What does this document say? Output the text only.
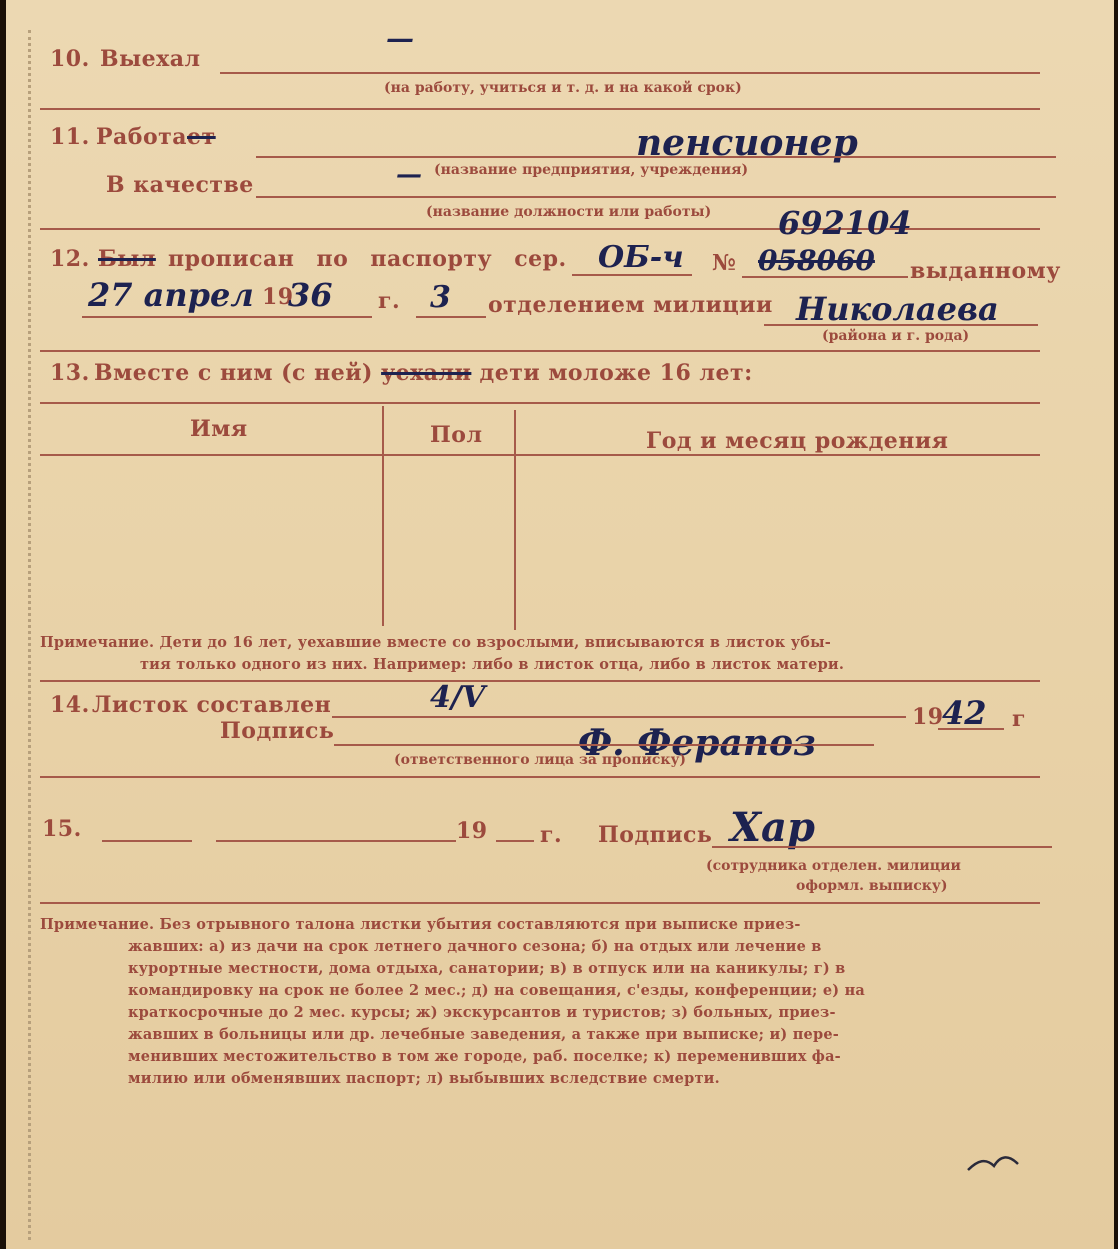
10. Выехал
—
(на работу, учиться и т. д. и на какой срок)
11. Работает	пенсионер
(название предприятия, учреждения)
В качестве	—
(название должности или работы)
12. Был прописан по паспорту сер. ОБ-ч №
692104
058060 выданному
27 апрел 19
36 г. 3 отделением милиции Николаева
(района и г. рода)
13. Вместе с ним (с ней) уехали дети моложе 16 лет:
Имя	Пол	Год и месяц рождения
Примечание. Дети до 16 лет, уехавшие вместе со взрослыми, вписываются в листок убы-
тия только одного из них. Например: либо в листок отца, либо в листок матери.
14. Листок составлен	4/V
19
42 г
Подпись	Ф. Ферапоз
(ответственного лица за прописку)
15.	19 г. Подпись Хар
(сотрудника отделен. милиции
оформл. выписку)
Примечание. Без отрывного талона листки убытия составляются при выписке приез-
жавших: а) из дачи на срок летнего дачного сезона; б) на отдых или лечение в
курортные местности, дома отдыха, санатории; в) в отпуск или на каникулы; г) в
командировку на срок не более 2 мес.; д) на совещания, с'езды, конференции; е) на
краткосрочные до 2 мес. курсы; ж) экскурсантов и туристов; з) больных, приез-
жавших в больницы или др. лечебные заведения, а также при выписке; и) пере-
менивших местожительство в том же городе, раб. поселке; к) переменивших фа-
милию или обменявших паспорт; л) выбывших вследствие смерти.
